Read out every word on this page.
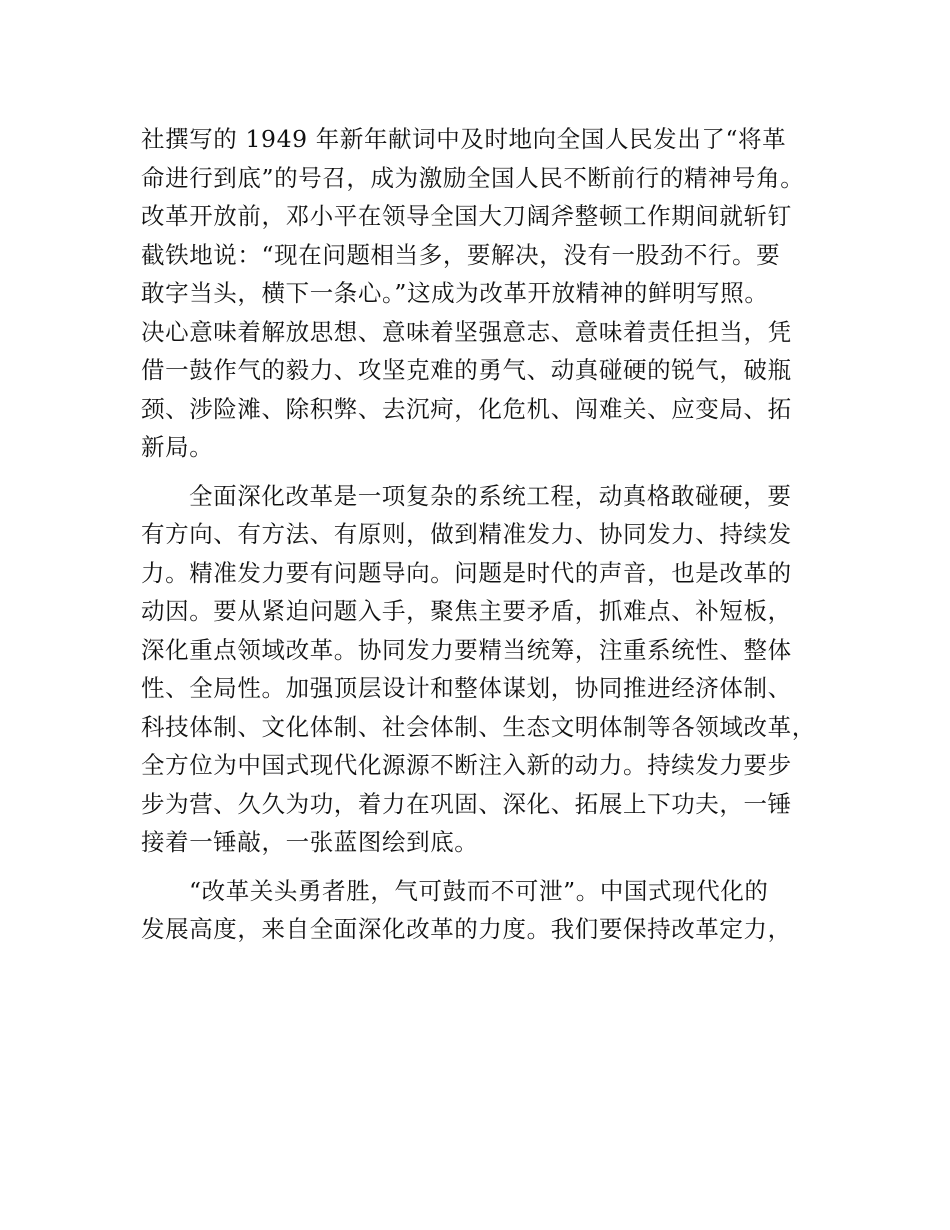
社撰写的 1949 年新年献词中及时地向全国人民发出了“将革
命进行到底”的号召，成为激励全国人民不断前行的精神号角。
改革开放前，邓小平在领导全国大刀阔斧整顿工作期间就斩钉
截铁地说：“现在问题相当多，要解决，没有一股劲不行。要
敢字当头，横下一条心。”这成为改革开放精神的鲜明写照。
决心意味着解放思想、意味着坚强意志、意味着责任担当，凭
借一鼓作气的毅力、攻坚克难的勇气、动真碰硬的锐气，破瓶
颈、涉险滩、除积弊、去沉疴，化危机、闯难关、应变局、拓
新局。
全面深化改革是一项复杂的系统工程，动真格敢碰硬，要
有方向、有方法、有原则，做到精准发力、协同发力、持续发
力。精准发力要有问题导向。问题是时代的声音，也是改革的
动因。要从紧迫问题入手，聚焦主要矛盾，抓难点、补短板，
深化重点领域改革。协同发力要精当统筹，注重系统性、整体
性、全局性。加强顶层设计和整体谋划，协同推进经济体制、
科技体制、文化体制、社会体制、生态文明体制等各领域改革，
全方位为中国式现代化源源不断注入新的动力。持续发力要步
步为营、久久为功，着力在巩固、深化、拓展上下功夫，一锤
接着一锤敲，一张蓝图绘到底。
“改革关头勇者胜，气可鼓而不可泄”。中国式现代化的
发展高度，来自全面深化改革的力度。我们要保持改革定力，
